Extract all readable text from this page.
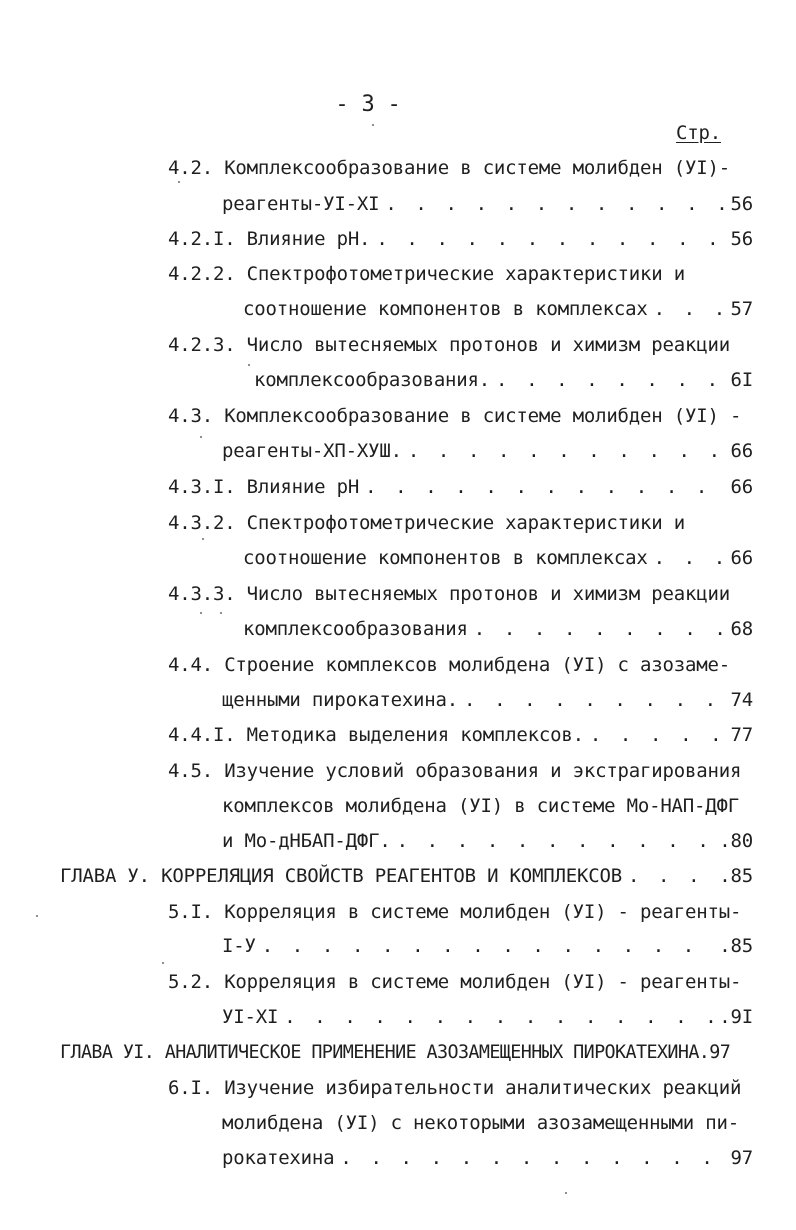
- 3 -
Стр.
4.2. Комплексообразование в системе молибден (УI)-
реагенты-УI-ХI . . .	56
4.2.I. Влияние рН. . . .	56
4.2.2. Спектрофотометрические характеристики и
соотношение компонентов в комплексах . . .	57
4.2.3. Число вытесняемых протонов и химизм реакции
комплексообразования. . . .	6I
4.3. Комплексообразование в системе молибден (УI) -
реагенты-ХП-ХУШ. . . .	66
4.3.I. Влияние рН . . .	66
4.3.2. Спектрофотометрические характеристики и
соотношение компонентов в комплексах . . .	66
4.3.3. Число вытесняемых протонов и химизм реакции
комплексообразования . . .	68
4.4. Строение комплексов молибдена (УI) с азозаме-
щенными пирокатехина. . . .	74
4.4.I. Методика выделения комплексов. . . .	77
4.5. Изучение условий образования и экстрагирования
комплексов молибдена (УI) в системе Мо-НАП-ДФГ
и Мо-дНБАП-ДФГ. . . .	.80
ГЛАВА У. КОРРЕЛЯЦИЯ СВОЙСТВ РЕАГЕНТОВ И КОМПЛЕКСОВ . . .	.85
5.I. Корреляция в системе молибден (УI) - реагенты-
I-У . . .	.85
5.2. Корреляция в системе молибден (УI) - реагенты-
УI-ХI . . .	.9I
ГЛАВА УI. АНАЛИТИЧЕСКОЕ ПРИМЕНЕНИЕ АЗОЗАМЕЩЕННЫХ ПИРОКАТЕХИНА.97
6.I. Изучение избирательности аналитических реакций
молибдена (УI) с некоторыми азозамещенными пи-
рокатехина . . .	97
